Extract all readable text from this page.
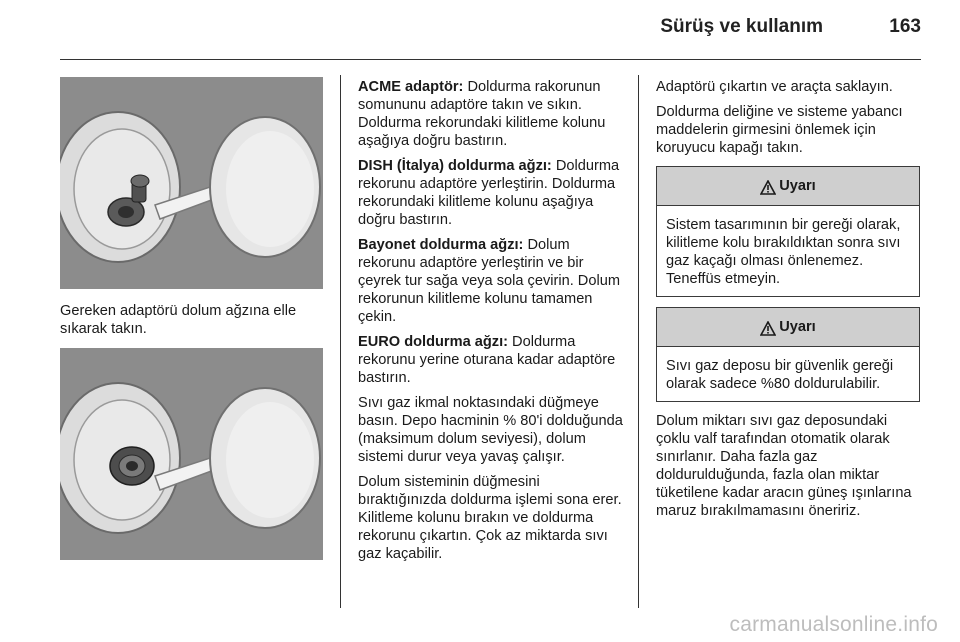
Sürüş ve kullanım	163
Gereken adaptörü dolum ağzına elle sıkarak takın.

ACME adaptör: Doldurma rakorunun somununu adaptöre takın ve sıkın. Doldurma rekorundaki kilitleme kolunu aşağıya doğru bastırın.

DISH (İtalya) doldurma ağzı: Doldurma rekorunu adaptöre yerleştirin. Doldurma rekorundaki kilitleme kolunu aşağıya doğru bastırın.

Bayonet doldurma ağzı: Dolum rekorunu adaptöre yerleştirin ve bir çeyrek tur sağa veya sola çevirin. Dolum rekorunun kilitleme kolunu tamamen çekin.

EURO doldurma ağzı: Doldurma rekorunu yerine oturana kadar adaptöre bastırın.

Sıvı gaz ikmal noktasındaki düğmeye basın. Depo hacminin % 80'i dolduğunda (maksimum dolum seviyesi), dolum sistemi durur veya yavaş çalışır.

Dolum sisteminin düğmesini bıraktığınızda doldurma işlemi sona erer. Kilitleme kolunu bırakın ve doldurma rekorunu çıkartın. Çok az miktarda sıvı gaz kaçabilir.

Adaptörü çıkartın ve araçta saklayın.

Doldurma deliğine ve sisteme yabancı maddelerin girmesini önlemek için koruyucu kapağı takın.

Uyarı
Sistem tasarımının bir gereği olarak, kilitleme kolu bırakıldıktan sonra sıvı gaz kaçağı olması önlenemez. Teneffüs etmeyin.
Uyarı
Sıvı gaz deposu bir güvenlik gereği olarak sadece %80 doldurulabilir.

Dolum miktarı sıvı gaz deposundaki çoklu valf tarafından otomatik olarak sınırlanır. Daha fazla gaz doldurulduğunda, fazla olan miktar tüketilene kadar aracın güneş ışınlarına maruz bırakılmamasını öneririz.

carmanualsonline.info
